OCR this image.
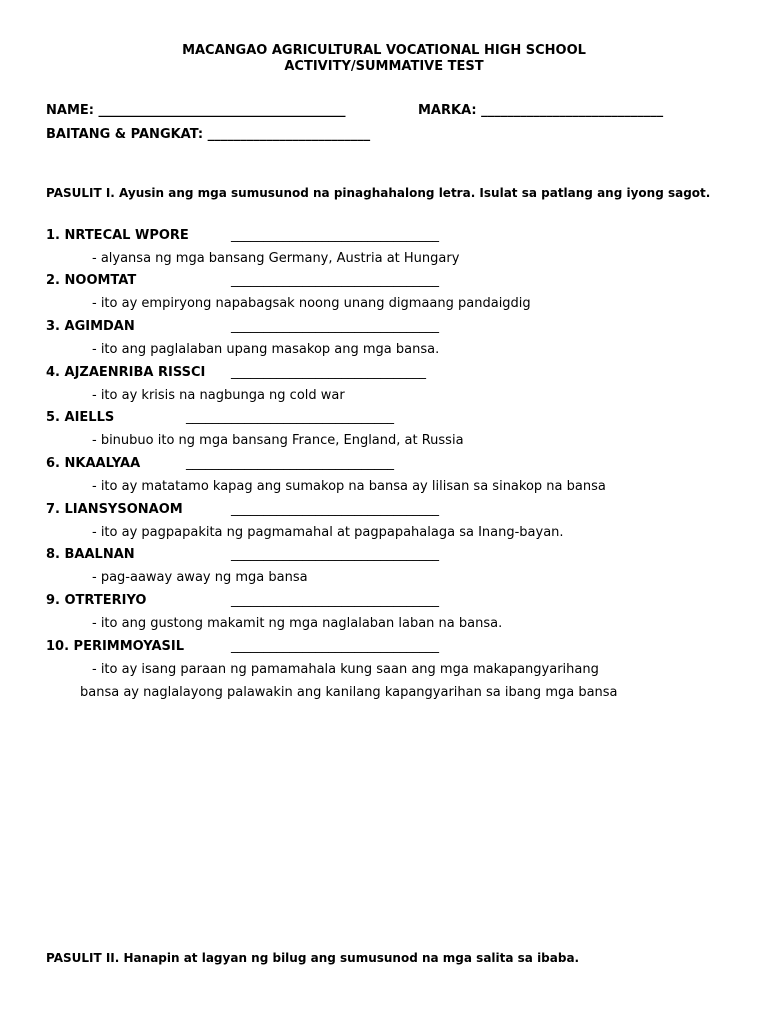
MACANGAO AGRICULTURAL VOCATIONAL HIGH SCHOOL
ACTIVITY/SUMMATIVE TEST
NAME: ______________________________________	MARKA: ____________________________
BAITANG & PANGKAT: _________________________
PASULIT I. Ayusin ang mga sumusunod na pinaghahalong letra. Isulat sa patlang ang iyong sagot.
1. NRTECAL WPORE	________________________________
- alyansa ng mga bansang Germany, Austria at Hungary
2. NOOMTAT	________________________________
- ito ay empiryong napabagsak noong unang digmaang pandaigdig
3. AGIMDAN	________________________________
- ito ang paglalaban upang masakop ang mga bansa.
4. AJZAENRIBA RISSCI ______________________________
- ito ay krisis na nagbunga ng cold war
5. AIELLS	________________________________
- binubuo ito ng mga bansang France, England, at Russia
6. NKAALYAA	________________________________
- ito ay matatamo kapag ang sumakop na bansa ay lilisan sa sinakop na bansa
7. LIANSYSONAOM	________________________________
- ito ay pagpapakita ng pagmamahal at pagpapahalaga sa Inang-bayan.
8. BAALNAN	________________________________
- pag-aaway away ng mga bansa
9. OTRTERIYO	________________________________
- ito ang gustong makamit ng mga naglalaban laban na bansa.
10. PERIMMOYASIL	________________________________
- ito ay isang paraan ng pamamahala kung saan ang mga makapangyarihang
bansa ay naglalayong palawakin ang kanilang kapangyarihan sa ibang mga bansa
PASULIT II. Hanapin at lagyan ng bilug ang sumusunod na mga salita sa ibaba.
